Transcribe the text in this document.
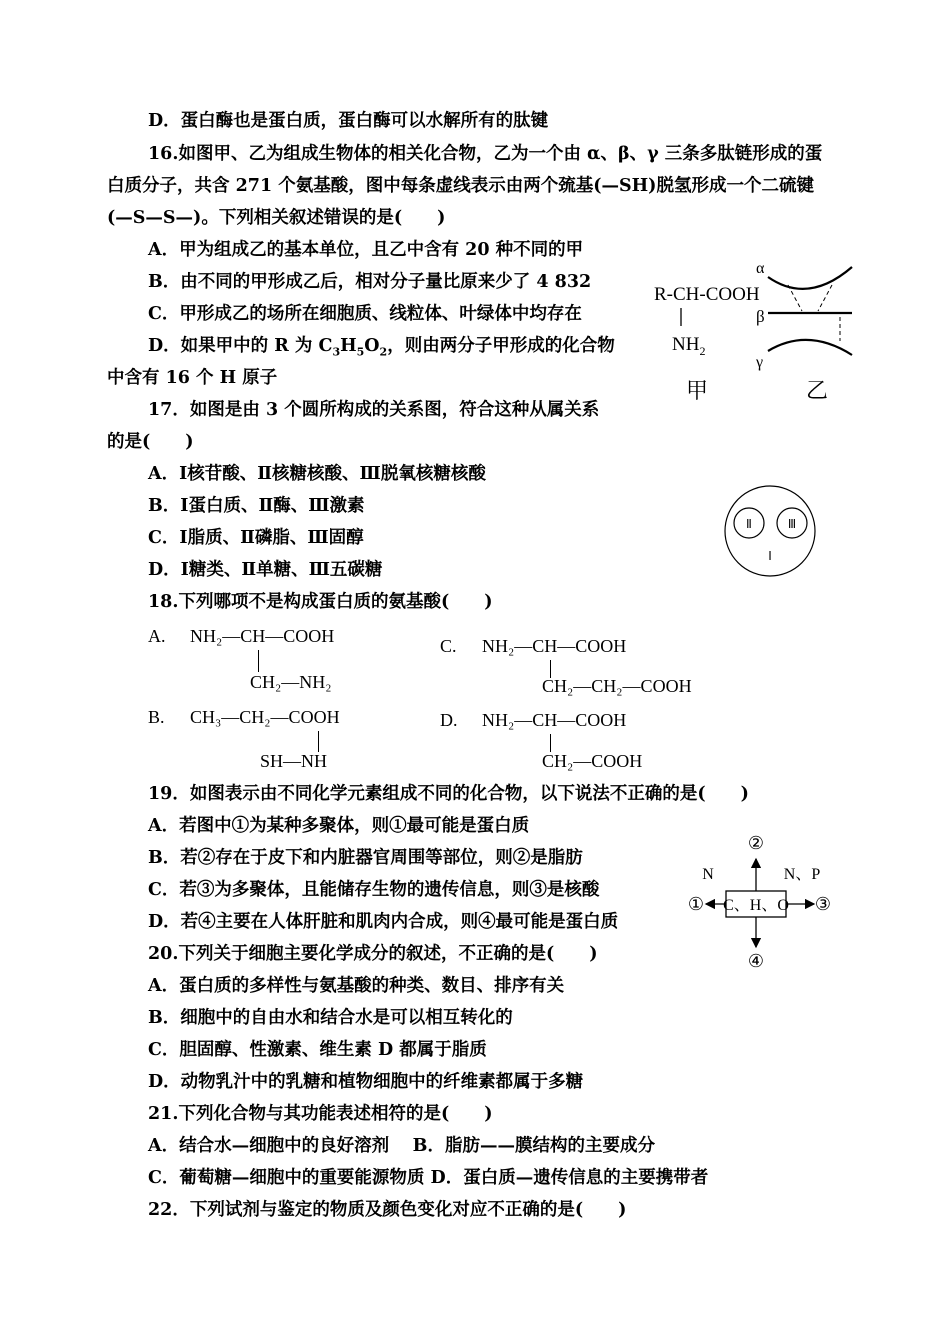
D．蛋白酶也是蛋白质，蛋白酶可以水解所有的肽键
16.如图甲、乙为组成生物体的相关化合物，乙为一个由 α、β、γ 三条多肽链形成的蛋
白质分子，共含 271 个氨基酸，图中每条虚线表示由两个巯基(—SH)脱氢形成一个二硫键
(—S—S—)。下列相关叙述错误的是(　　)
A．甲为组成乙的基本单位，且乙中含有 20 种不同的甲
B．由不同的甲形成乙后，相对分子量比原来少了 4 832
C．甲形成乙的场所在细胞质、线粒体、叶绿体中均存在
D．如果甲中的 R 为 $C_3H_5O_2$，则由两分子甲形成的化合物
中含有 16 个 H 原子
17．如图是由 3 个圆所构成的关系图，符合这种从属关系
的是(　　)
A．Ⅰ核苷酸、Ⅱ核糖核酸、Ⅲ脱氧核糖核酸
B．Ⅰ蛋白质、Ⅱ酶、Ⅲ激素
C．Ⅰ脂质、Ⅱ磷脂、Ⅲ固醇
D．Ⅰ糖类、Ⅱ单糖、Ⅲ五碳糖
18.下列哪项不是构成蛋白质的氨基酸(　　)
19．如图表示由不同化学元素组成不同的化合物，以下说法不正确的是(　　)
A．若图中①为某种多聚体，则①最可能是蛋白质
B．若②存在于皮下和内脏器官周围等部位，则②是脂肪
C．若③为多聚体，且能储存生物的遗传信息，则③是核酸
D．若④主要在人体肝脏和肌肉内合成，则④最可能是蛋白质
20.下列关于细胞主要化学成分的叙述，不正确的是(　　)
A．蛋白质的多样性与氨基酸的种类、数目、排序有关
B．细胞中的自由水和结合水是可以相互转化的
C．胆固醇、性激素、维生素 D 都属于脂质
D．动物乳汁中的乳糖和植物细胞中的纤维素都属于多糖
21.下列化合物与其功能表述相符的是(　　)
A．结合水—细胞中的良好溶剂　 B．脂肪——膜结构的主要成分
C．葡萄糖—细胞中的重要能源物质 D．蛋白质—遗传信息的主要携带者
22．下列试剂与鉴定的物质及颜色变化对应不正确的是(　　)
R-CH-COOH
$NH_2$
甲
α
β
γ
乙
Ⅱ	Ⅲ
Ⅰ
A. NH₂—CH—COOH
CH₂—NH₂
B. CH₃—CH₂—COOH
SH—NH
C. NH₂—CH—COOH
CH₂—CH₂—COOH
D. NH₂—CH—COOH
CH₂—COOH
C、H、O
②
④
①	③
N	N、P
